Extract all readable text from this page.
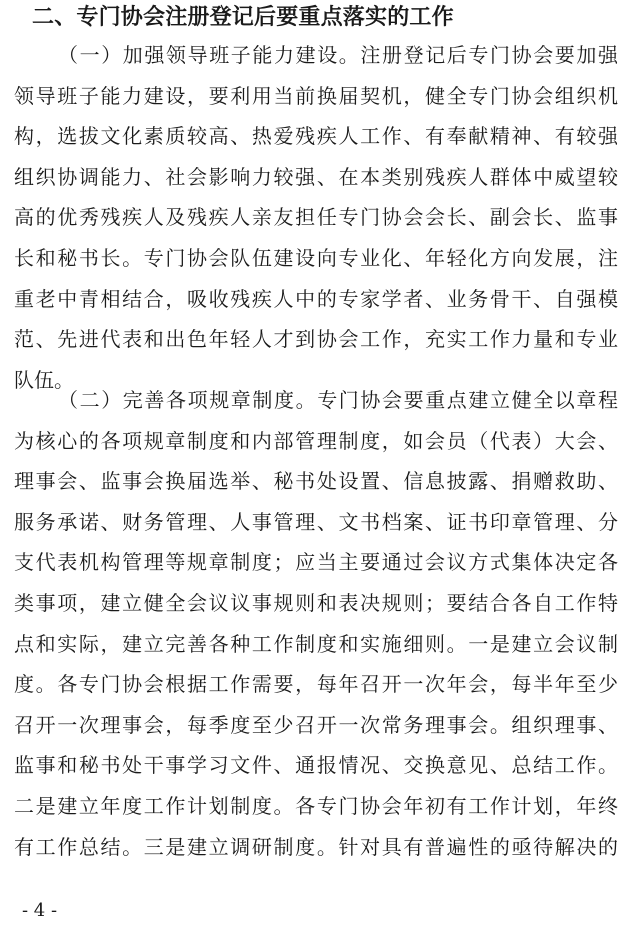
二、专门协会注册登记后要重点落实的工作
（一）加强领导班子能力建设。注册登记后专门协会要加强
领导班子能力建设，要利用当前换届契机，健全专门协会组织机
构，选拔文化素质较高、热爱残疾人工作、有奉献精神、有较强
组织协调能力、社会影响力较强、在本类别残疾人群体中威望较
高的优秀残疾人及残疾人亲友担任专门协会会长、副会长、监事
长和秘书长。专门协会队伍建设向专业化、年轻化方向发展，注
重老中青相结合，吸收残疾人中的专家学者、业务骨干、自强模
范、先进代表和出色年轻人才到协会工作，充实工作力量和专业
队伍。
（二）完善各项规章制度。专门协会要重点建立健全以章程
为核心的各项规章制度和内部管理制度，如会员（代表）大会、
理事会、监事会换届选举、秘书处设置、信息披露、捐赠救助、
服务承诺、财务管理、人事管理、文书档案、证书印章管理、分
支代表机构管理等规章制度；应当主要通过会议方式集体决定各
类事项，建立健全会议议事规则和表决规则；要结合各自工作特
点和实际，建立完善各种工作制度和实施细则。一是建立会议制
度。各专门协会根据工作需要，每年召开一次年会，每半年至少
召开一次理事会，每季度至少召开一次常务理事会。组织理事、
监事和秘书处干事学习文件、通报情况、交换意见、总结工作。
二是建立年度工作计划制度。各专门协会年初有工作计划，年终
有工作总结。三是建立调研制度。针对具有普遍性的亟待解决的
- 4 -
